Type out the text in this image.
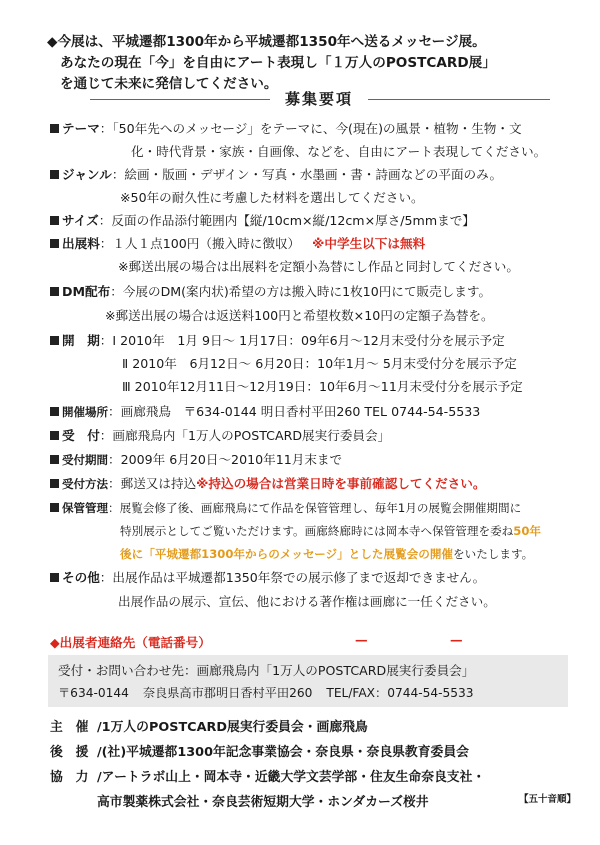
◆今展は、平城遷都1300年から平城遷都1350年へ送るメッセージ展。
あなたの現在「今」を自由にアート表現し「１万人のPOSTCARD展」
を通じて未来に発信してください。
募集要項
テーマ：「50年先へのメッセージ」をテーマに、今(現在)の風景・植物・生物・文
化・時代背景・家族・自画像、などを、自由にアート表現してください。
ジャンル：絵画・版画・デザイン・写真・水墨画・書・詩画などの平面のみ。
※50年の耐久性に考慮した材料を選出してください。
サイズ：反面の作品添付範囲内【縦/10cm×縦/12cm×厚さ/5mmまで】
出展料：１人１点100円（搬入時に徴収） ※中学生以下は無料
※郵送出展の場合は出展料を定額小為替にし作品と同封してください。
DM配布：今展のDM(案内状)希望の方は搬入時に1枚10円にて販売します。
※郵送出展の場合は返送料100円と希望枚数×10円の定額子為替を。
開　期：Ⅰ 2010年　1月 9日～ 1月17日：09年6月～12月末受付分を展示予定
Ⅱ 2010年　6月12日～ 6月20日：10年1月～ 5月末受付分を展示予定
Ⅲ 2010年12月11日～12月19日：10年6月～11月末受付分を展示予定
開催場所：画廊飛鳥　〒634-0144 明日香村平田260 TEL 0744-54-5533
受　付：画廊飛鳥内「1万人のPOSTCARD展実行委員会」
受付期間：2009年 6月20日～2010年11月末まで
受付方法：郵送又は持込※持込の場合は営業日時を事前確認してください。
保管管理：展覧会修了後、画廊飛鳥にて作品を保管管理し、毎年1月の展覧会開催期間に
特別展示としてご覧いただけます。画廊終廊時には岡本寺へ保管管理を委ね50年
後に「平城遷都1300年からのメッセージ」とした展覧会の開催をいたします。
その他：出展作品は平城遷都1350年祭での展示修了まで返却できません。
出展作品の展示、宣伝、他における著作権は画廊に一任ください。
◆出展者連絡先（電話番号）	—	—
受付・お問い合わせ先：画廊飛鳥内「1万人のPOSTCARD展実行委員会」
〒634-0144 奈良県高市郡明日香村平田260 TEL/FAX：0744-54-5533
主　催 /1万人のPOSTCARD展実行委員会・画廊飛鳥
後　援 /(社)平城遷都1300年記念事業協会・奈良県・奈良県教育委員会
協　力 /アートラボ山上・岡本寺・近畿大学文芸学部・住友生命奈良支社・
高市製薬株式会社・奈良芸術短期大学・ホンダカーズ桜井	【五十音順】
